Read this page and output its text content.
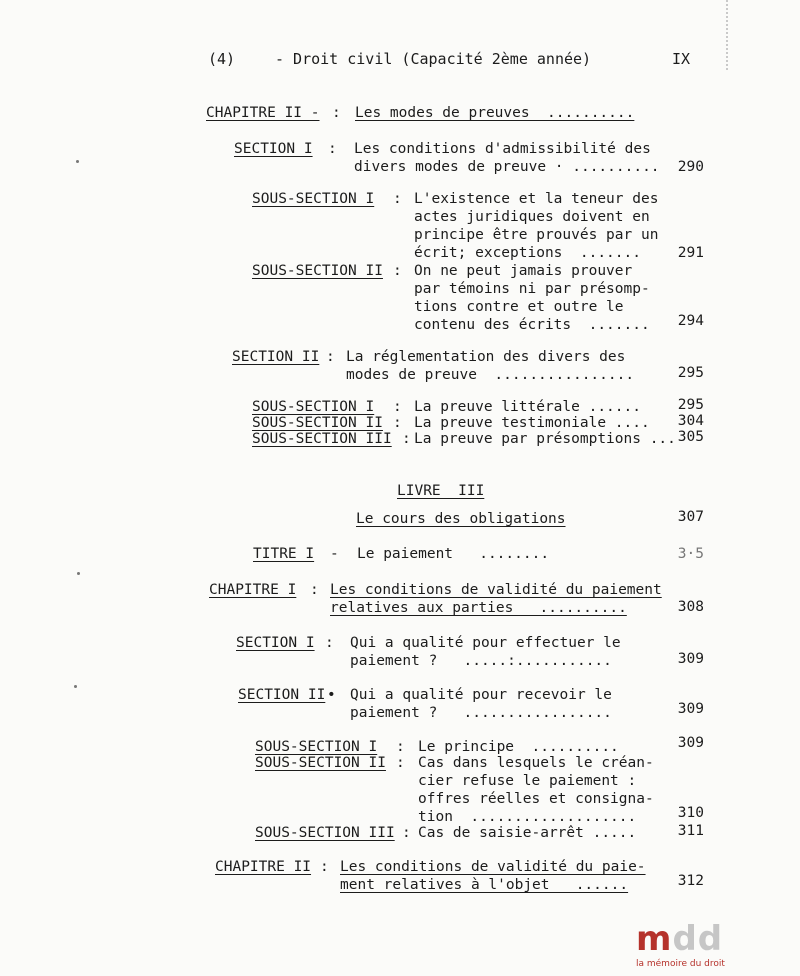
(4)	- Droit civil (Capacité 2ème année)	IX
CHAPITRE II - : Les modes de preuves  ..........
SECTION I : Les conditions d'admissibilité des
divers modes de preuve · .......... 290
SOUS-SECTION I : L'existence et la teneur des
actes juridiques doivent en
principe être prouvés par un
écrit; exceptions  .......	291
SOUS-SECTION II : On ne peut jamais prouver
par témoins ni par présomp-
tions contre et outre le
contenu des écrits  ....... 294
SECTION II : La réglementation des divers des
modes de preuve  ................	295
SOUS-SECTION I : La preuve littérale ......	295
SOUS-SECTION II : La preuve testimoniale .... 304
SOUS-SECTION III : La preuve par présomptions ... 305
LIVRE  III
Le cours des obligations	307
TITRE I - Le paiement   ........	3·5
CHAPITRE I : Les conditions de validité du paiement
relatives aux parties   ..........	308
SECTION I : Qui a qualité pour effectuer le
paiement ?   .....:...........	309
SECTION II • Qui a qualité pour recevoir le
paiement ?   .................	309
SOUS-SECTION I : Le principe  ..........	309
SOUS-SECTION II : Cas dans lesquels le créan-
cier refuse le paiement :
offres réelles et consigna-
tion  ...................	310
SOUS-SECTION III : Cas de saisie-arrêt .....	311
CHAPITRE II : Les conditions de validité du paie-
ment relatives à l'objet   ......	312
mdd
la mémoire du droit
